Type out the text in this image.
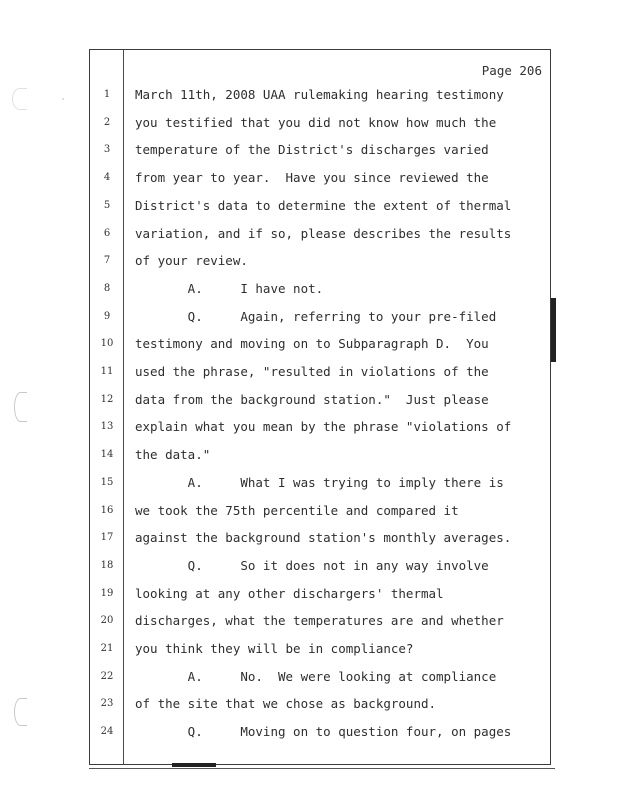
Page 206
1	March 11th, 2008 UAA rulemaking hearing testimony
2	you testified that you did not know how much the
3	temperature of the District's discharges varied
4	from year to year.  Have you since reviewed the
5	District's data to determine the extent of thermal
6	variation, and if so, please describes the results
7	of your review.
8	A.     I have not.
9	Q.     Again, referring to your pre-filed
10 testimony and moving on to Subparagraph D.  You
11 used the phrase, "resulted in violations of the
12 data from the background station."  Just please
13 explain what you mean by the phrase "violations of
14 the data."
15 A.     What I was trying to imply there is
16 we took the 75th percentile and compared it
17 against the background station's monthly averages.
18 Q.     So it does not in any way involve
19 looking at any other dischargers' thermal
20 discharges, what the temperatures are and whether
21 you think they will be in compliance?
22 A.     No.  We were looking at compliance
23 of the site that we chose as background.
24 Q.     Moving on to question four, on pages
